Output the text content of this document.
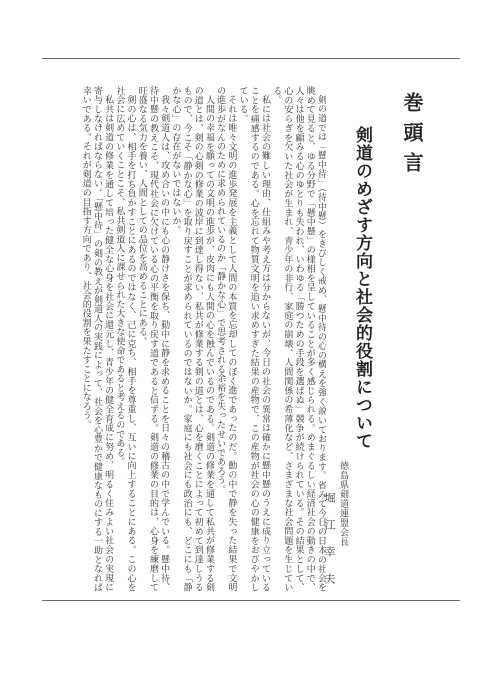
巻頭言
剣道のめざす方向と社会的役割について
徳島県剣道連盟会長
堀江幸夫

剣の道では「懸中待」（待中懸）をきびしく戒め、懸中待の心の構えを強く説いております。省みて今日の日本の社会を眺めて見ると、ゆる分野で「懸中懸」の様相を呈していることが多く感じられる。めまぐるしい経済社会の動きの中で、人々は他を顧みる心のゆとりも失われ、いわゆる「勝つための手段を選ばぬ」競争が続けられている。その結果として、心の安らぎを欠いた社会が生まれ、青少年の非行、家庭の崩壊、人間関係の希薄化など、さまざまな社会問題を生じている。

私には社会の難しい理由、仕組みや考え方は分からないが、今日の社会の異常は確かに懸中懸のうえに成り立っていることを痛感するのである。心を忘れて物質文明を追い求めすぎた結果の産物で、この産物が社会の心の健康をおびやかしている。

それは唯々文明の進歩発展を主義として人間の本質を忘却してのぼく進であったのだ。動の中で静を失った結果で文明の進歩がなんのために求められているのか「静かな心」で思考される余裕を失ったせいであろう。

人間の幸福を願っての文明の進歩が、皮肉にも人間の心を蝕んでいるのである。剣道の修業を通して私共が修業する剣の道とは、剣の心剣の修業の波岸に到達し得ない、私共が修業する剣の道とは、心を磨くことによって初めて到達しうるもので、今こそ「静かな心」を取り戻すことが求められているのではないか。家庭にも社会にも政治にも、どこにも「静かな心」の存在がないではないか。

我々剣道人は、攻め合いの中にも心の静けさを保ち、動中に静を求めることを日々の稽古の中で学んでいる。懸中待、待中懸の教えこそ、現代社会に欠けている心の平衡を取り戻す道であると信ずる。剣道の修業の目的は、心身を練磨して旺盛なる気力を養い、人間としての品位を高めることにある。

剣の心は、相手を打ち負かすことにあるのではなく、己に克ち、相手を尊重し、互いに向上することにある。この心を社会に広めていくことこそ、私共剣道人に課せられた大きな使命であると考えるのである。

私共は剣道の修業を通して培った健全な心身を社会に還元し、青少年の健全育成に努め、明るく住みよい社会の実現に寄与しなければならない。「懸中待」の剣の教えが剣道人の実践によって、社会を心豊かで健康なものにする一助となれば幸いである。それが剣道の目指す方向であり、社会的役割を果たすことになろう。
